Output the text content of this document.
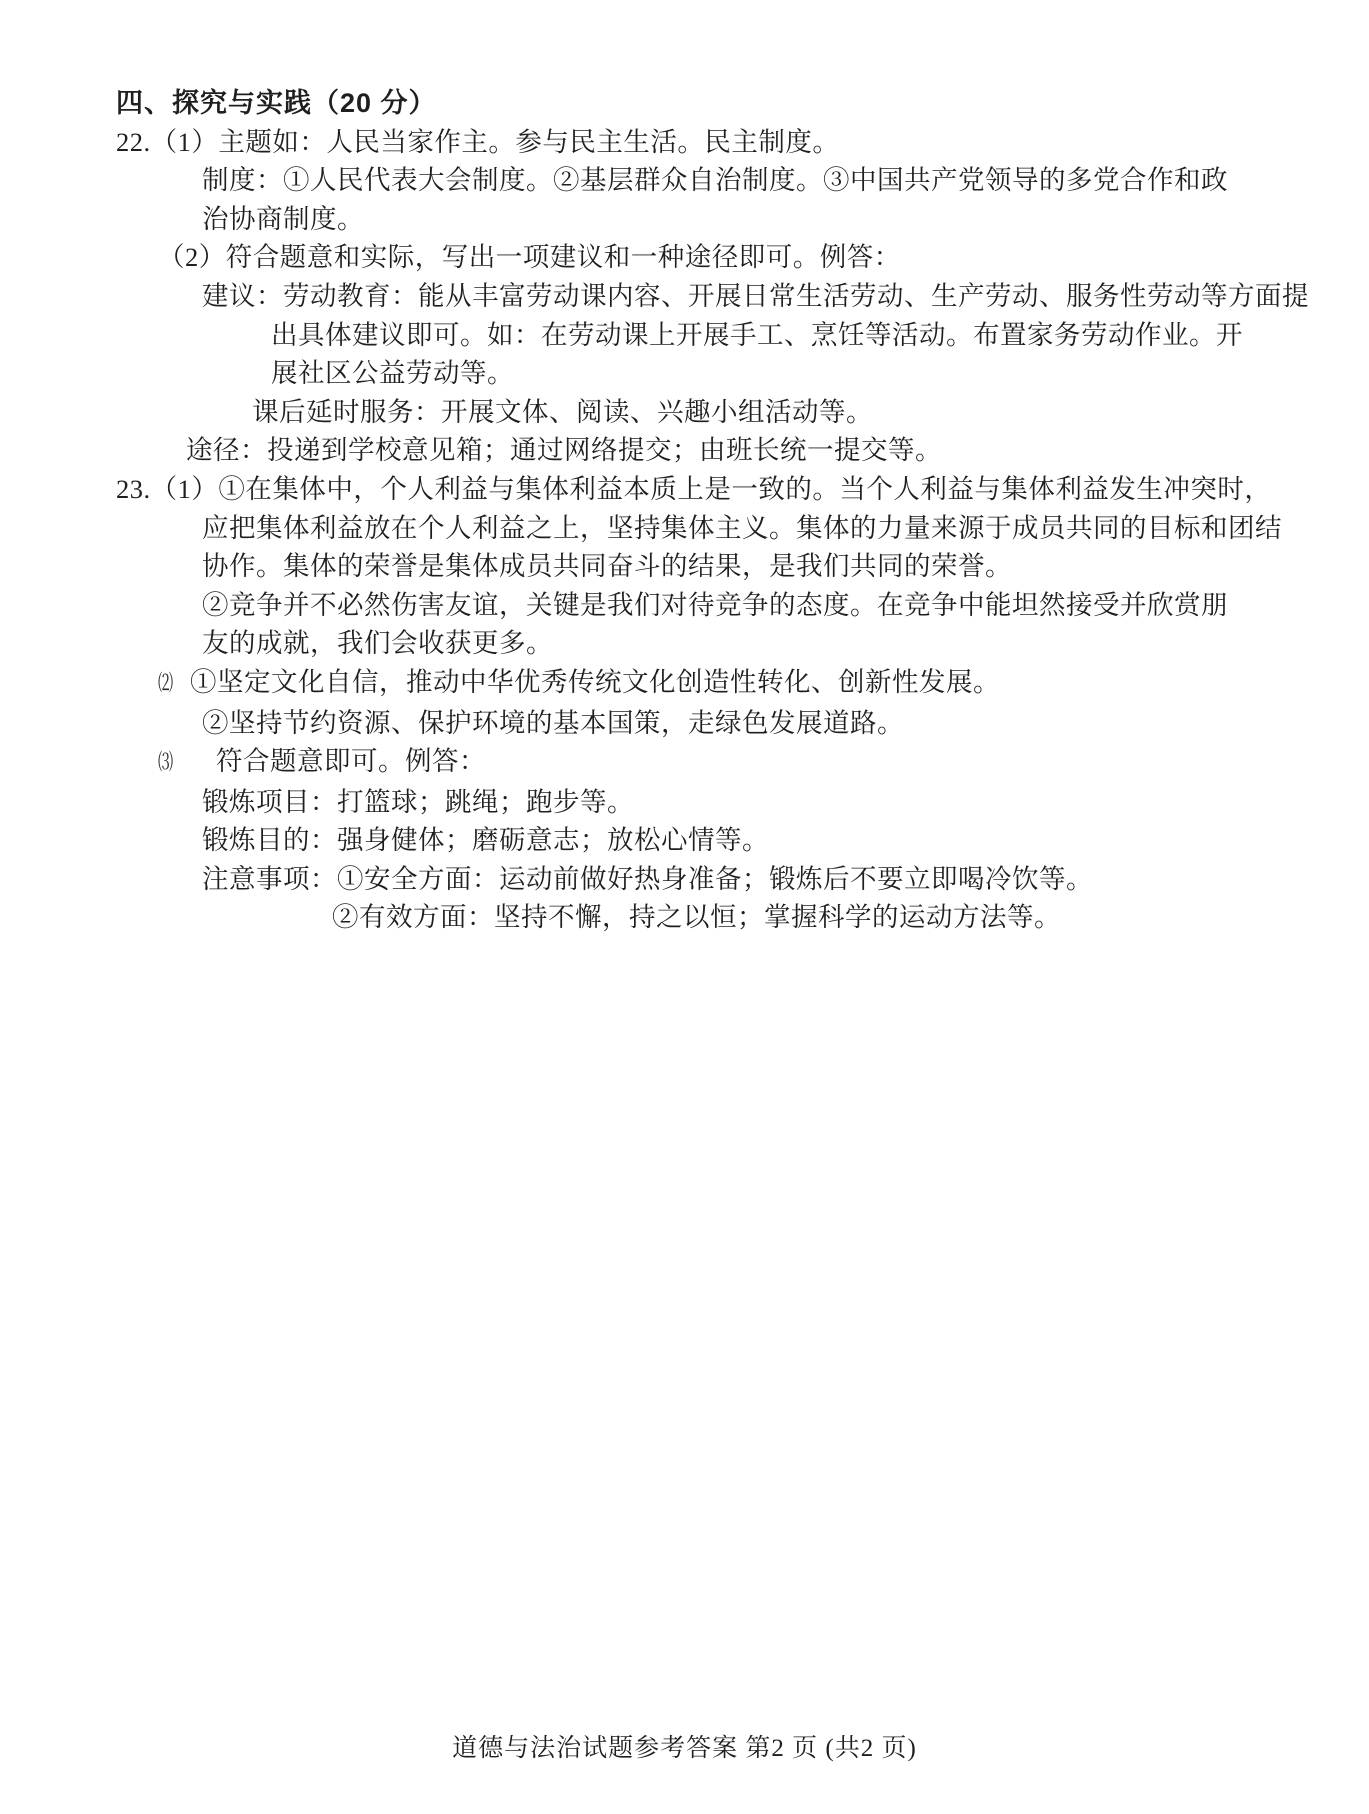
四、探究与实践（20 分）
22.（1）主题如：人民当家作主。参与民主生活。民主制度。
制度：①人民代表大会制度。②基层群众自治制度。③中国共产党领导的多党合作和政
治协商制度。
（2）符合题意和实际，写出一项建议和一种途径即可。例答：
建议：劳动教育：能从丰富劳动课内容、开展日常生活劳动、生产劳动、服务性劳动等方面提
出具体建议即可。如：在劳动课上开展手工、烹饪等活动。布置家务劳动作业。开
展社区公益劳动等。
课后延时服务：开展文体、阅读、兴趣小组活动等。
途径：投递到学校意见箱；通过网络提交；由班长统一提交等。
23.（1）①在集体中，个人利益与集体利益本质上是一致的。当个人利益与集体利益发生冲突时，
应把集体利益放在个人利益之上，坚持集体主义。集体的力量来源于成员共同的目标和团结
协作。集体的荣誉是集体成员共同奋斗的结果，是我们共同的荣誉。
②竞争并不必然伤害友谊，关键是我们对待竞争的态度。在竞争中能坦然接受并欣赏朋
友的成就，我们会收获更多。
⑵ ①坚定文化自信，推动中华优秀传统文化创造性转化、创新性发展。
②坚持节约资源、保护环境的基本国策，走绿色发展道路。
⑶ 符合题意即可。例答：
锻炼项目：打篮球；跳绳；跑步等。
锻炼目的：强身健体；磨砺意志；放松心情等。
注意事项：①安全方面：运动前做好热身准备；锻炼后不要立即喝冷饮等。
②有效方面：坚持不懈，持之以恒；掌握科学的运动方法等。
道德与法治试题参考答案 第2 页 (共2 页)
